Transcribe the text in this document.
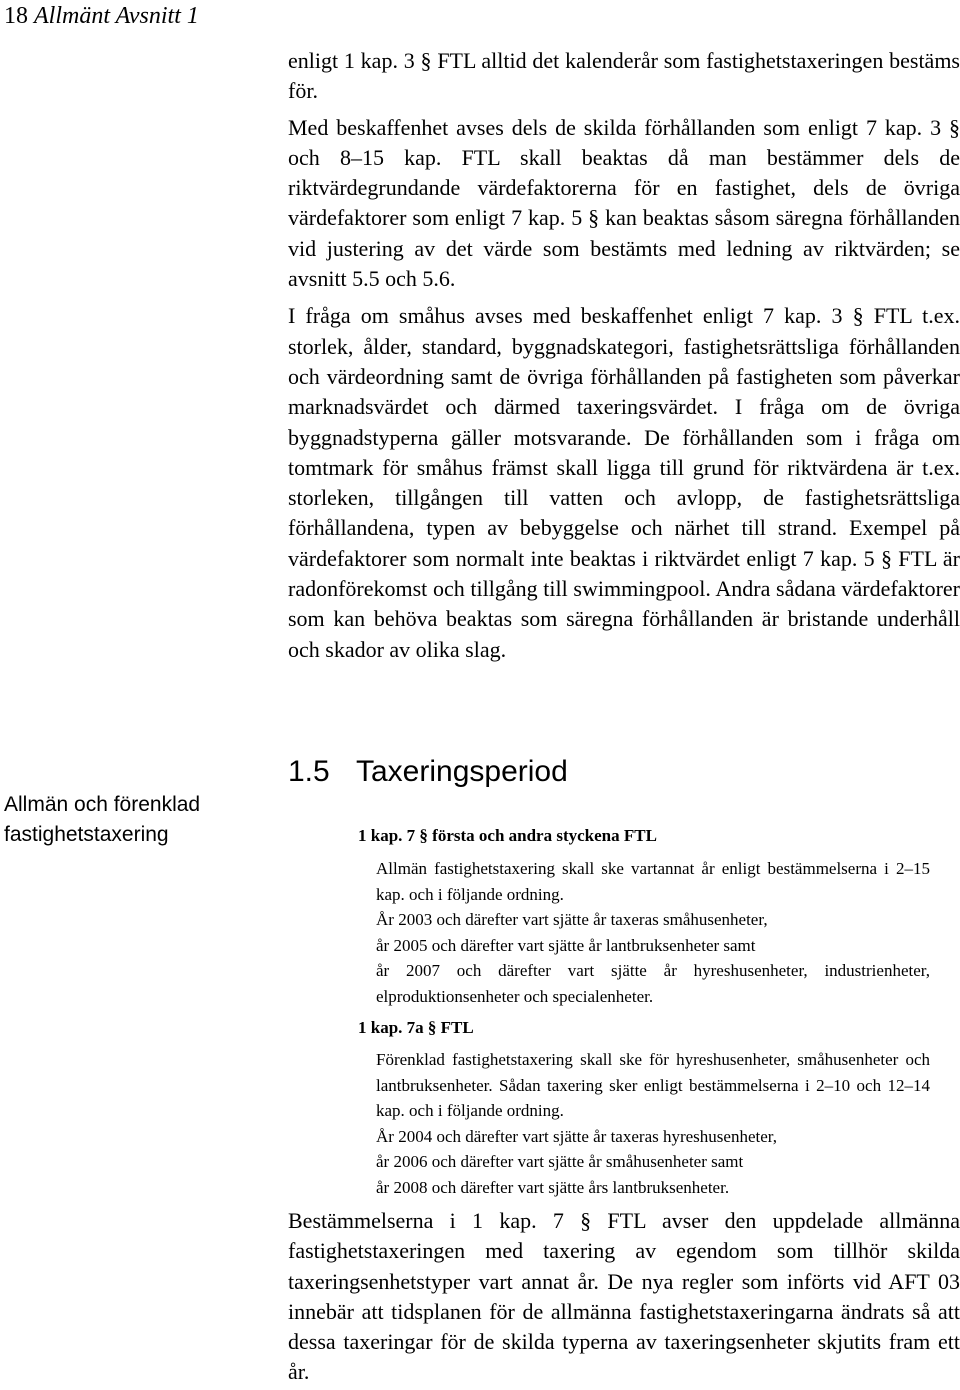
18 Allmänt Avsnitt 1

enligt 1 kap. 3 § FTL alltid det kalenderår som fastighetstaxeringen bestäms för.

Med beskaffenhet avses dels de skilda förhållanden som enligt 7 kap. 3 § och 8–15 kap. FTL skall beaktas då man bestämmer dels de riktvärdegrundande värdefaktorerna för en fastighet, dels de övriga värdefaktorer som enligt 7 kap. 5 § kan beaktas såsom säregna förhållanden vid justering av det värde som bestämts med ledning av riktvärden; se avsnitt 5.5 och 5.6.

I fråga om småhus avses med beskaffenhet enligt 7 kap. 3 § FTL t.ex. storlek, ålder, standard, byggnadskategori, fastighetsrättsliga förhållanden och värdeordning samt de övriga förhållanden på fastigheten som påverkar marknadsvärdet och därmed taxeringsvärdet. I fråga om de övriga byggnadstyperna gäller motsvarande. De förhållanden som i fråga om tomtmark för småhus främst skall ligga till grund för riktvärdena är t.ex. storleken, tillgången till vatten och avlopp, de fastighetsrättsliga förhållandena, typen av bebyggelse och närhet till strand. Exempel på värdefaktorer som normalt inte beaktas i riktvärdet enligt 7 kap. 5 § FTL är radonförekomst och tillgång till swimmingpool. Andra sådana värdefaktorer som kan behöva beaktas som säregna förhållanden är bristande underhåll och skador av olika slag.

1.5 Taxeringsperiod
Allmän och förenklad fastighetstaxering	1 kap. 7 § första och andra styckena FTL

Allmän fastighetstaxering skall ske vartannat år enligt bestämmelserna i 2–15 kap. och i följande ordning.

År 2003 och därefter vart sjätte år taxeras småhusenheter,

år 2005 och därefter vart sjätte år lantbruksenheter samt

år 2007 och därefter vart sjätte år hyreshusenheter, industrienheter, elproduktionsenheter och specialenheter.

1 kap. 7a § FTL

Förenklad fastighetstaxering skall ske för hyreshusenheter, småhusenheter och lantbruksenheter. Sådan taxering sker enligt bestämmelserna i 2–10 och 12–14 kap. och i följande ordning.

År 2004 och därefter vart sjätte år taxeras hyreshusenheter,

år 2006 och därefter vart sjätte år småhusenheter samt

år 2008 och därefter vart sjätte års lantbruksenheter.

Bestämmelserna i 1 kap. 7 § FTL avser den uppdelade allmänna fastighetstaxeringen med taxering av egendom som tillhör skilda taxeringsenhetstyper vart annat år. De nya regler som införts vid AFT 03 innebär att tidsplanen för de allmänna fastighetstaxeringarna ändrats så att dessa taxeringar för de skilda typerna av taxeringsenheter skjutits fram ett år.
